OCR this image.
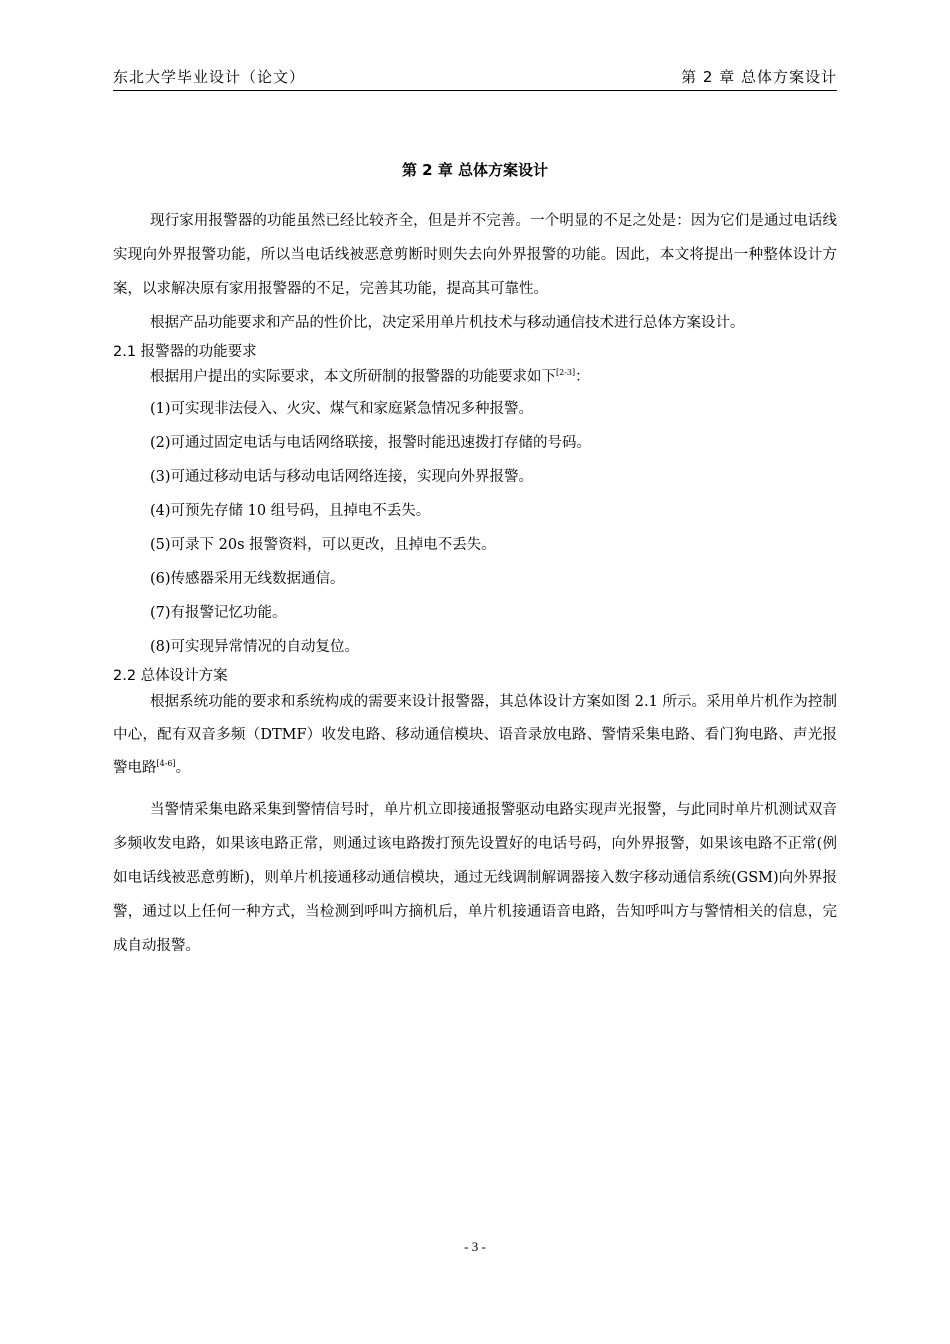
东北大学毕业设计（论文）	第 2 章 总体方案设计
第 2 章 总体方案设计

现行家用报警器的功能虽然已经比较齐全，但是并不完善。一个明显的不足之处是：因为它们是通过电话线实现向外界报警功能，所以当电话线被恶意剪断时则失去向外界报警的功能。因此，本文将提出一种整体设计方案，以求解决原有家用报警器的不足，完善其功能，提高其可靠性。

根据产品功能要求和产品的性价比，决定采用单片机技术与移动通信技术进行总体方案设计。

2.1 报警器的功能要求

根据用户提出的实际要求，本文所研制的报警器的功能要求如下[2-3]：

(1)可实现非法侵入、火灾、煤气和家庭紧急情况多种报警。

(2)可通过固定电话与电话网络联接，报警时能迅速拨打存储的号码。

(3)可通过移动电话与移动电话网络连接，实现向外界报警。

(4)可预先存储 10 组号码，且掉电不丢失。

(5)可录下 20s 报警资料，可以更改，且掉电不丢失。

(6)传感器采用无线数据通信。

(7)有报警记忆功能。

(8)可实现异常情况的自动复位。

2.2 总体设计方案

根据系统功能的要求和系统构成的需要来设计报警器，其总体设计方案如图 2.1 所示。采用单片机作为控制中心，配有双音多频（DTMF）收发电路、移动通信模块、语音录放电路、警情采集电路、看门狗电路、声光报警电路[4-6]。

当警情采集电路采集到警情信号时，单片机立即接通报警驱动电路实现声光报警，与此同时单片机测试双音多频收发电路，如果该电路正常，则通过该电路拨打预先设置好的电话号码，向外界报警，如果该电路不正常(例如电话线被恶意剪断)，则单片机接通移动通信模块，通过无线调制解调器接入数字移动通信系统(GSM)向外界报警，通过以上任何一种方式，当检测到呼叫方摘机后，单片机接通语音电路，告知呼叫方与警情相关的信息，完成自动报警。

- 3 -
